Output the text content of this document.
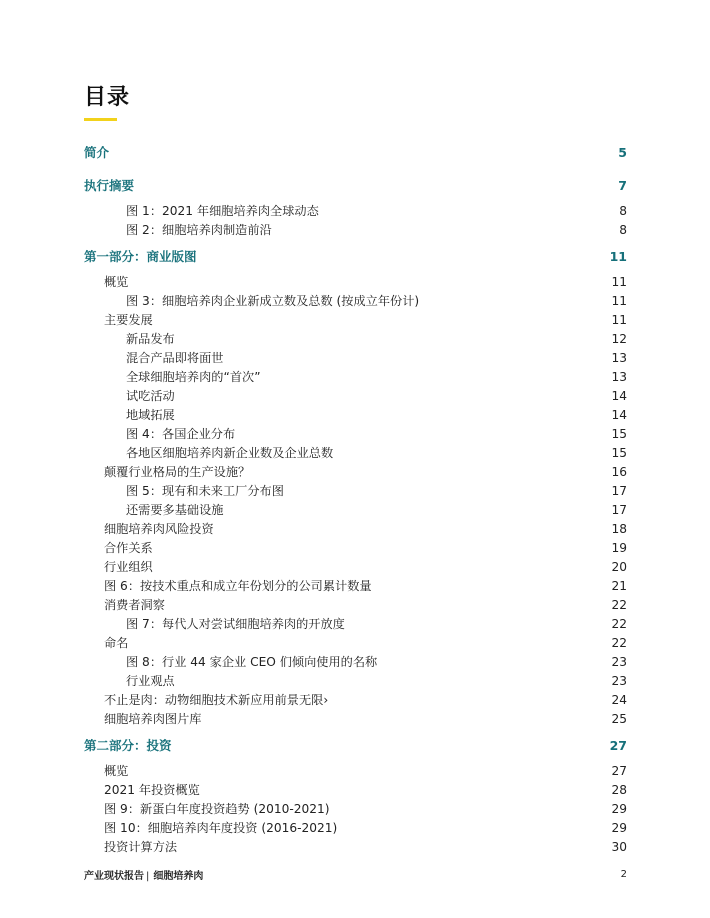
目录
简介	5
执行摘要	7
图 1：2021 年细胞培养肉全球动态	8
图 2：细胞培养肉制造前沿	8
第一部分：商业版图	11
概览	11
图 3：细胞培养肉企业新成立数及总数 (按成立年份计)	11
主要发展	11
新品发布	12
混合产品即将面世	13
全球细胞培养肉的“首次”	13
试吃活动	14
地域拓展	14
图 4：各国企业分布	15
各地区细胞培养肉新企业数及企业总数	15
颠覆行业格局的生产设施？	16
图 5：现有和未来工厂分布图	17
还需要多基础设施	17
细胞培养肉风险投资	18
合作关系	19
行业组织	20
图 6：按技术重点和成立年份划分的公司累计数量	21
消费者洞察	22
图 7：每代人对尝试细胞培养肉的开放度	22
命名	22
图 8：行业 44 家企业 CEO 们倾向使用的名称	23
行业观点	23
不止是肉：动物细胞技术新应用前景无限›	24
细胞培养肉图片库	25
第二部分：投资	27
概览	27
2021 年投资概览	28
图 9：新蛋白年度投资趋势 (2010-2021)	29
图 10：细胞培养肉年度投资 (2016-2021)	29
投资计算方法	30
产业现状报告 | 细胞培养肉	2
